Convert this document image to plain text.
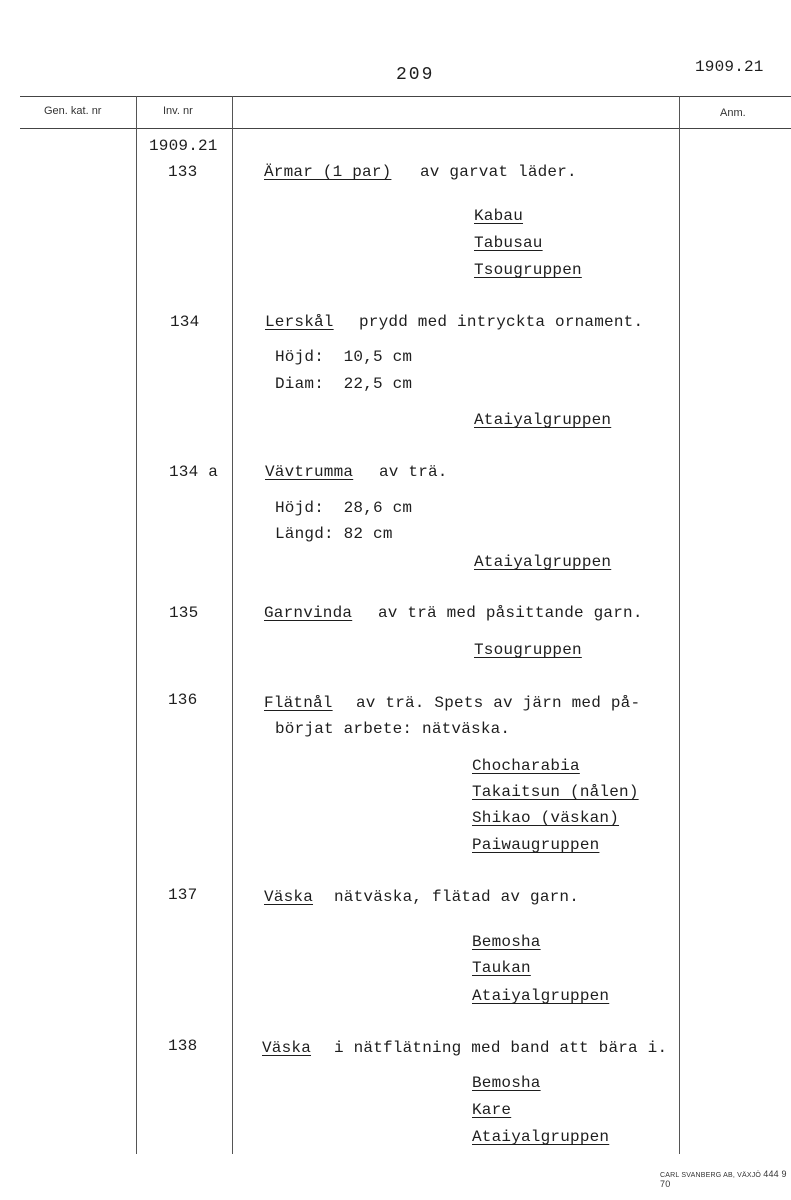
209	1909.21
Gen. kat. nr	Inv. nr	Anm.
1909.21
133	Ärmar (1 par) av garvat läder.
Kabau
Tabusau
Tsougruppen
134	Lerskål prydd med intryckta ornament.
Höjd:  10,5 cm
Diam:  22,5 cm
Ataiyalgruppen
134 a	Vävtrumma av trä.
Höjd:  28,6 cm
Längd: 82 cm
Ataiyalgruppen
135	Garnvinda av trä med påsittande garn.
Tsougruppen
136	Flätnål av trä. Spets av järn med på-
börjat arbete: nätväska.
Chocharabia
Takaitsun (nålen)
Shikao (väskan)
Paiwaugruppen
137	Väska nätväska, flätad av garn.
Bemosha
Taukan
Ataiyalgruppen
138	Väska i nätflätning med band att bära i.
Bemosha
Kare
Ataiyalgruppen
CARL SVANBERG AB, VÄXJÖ 444 9 70
